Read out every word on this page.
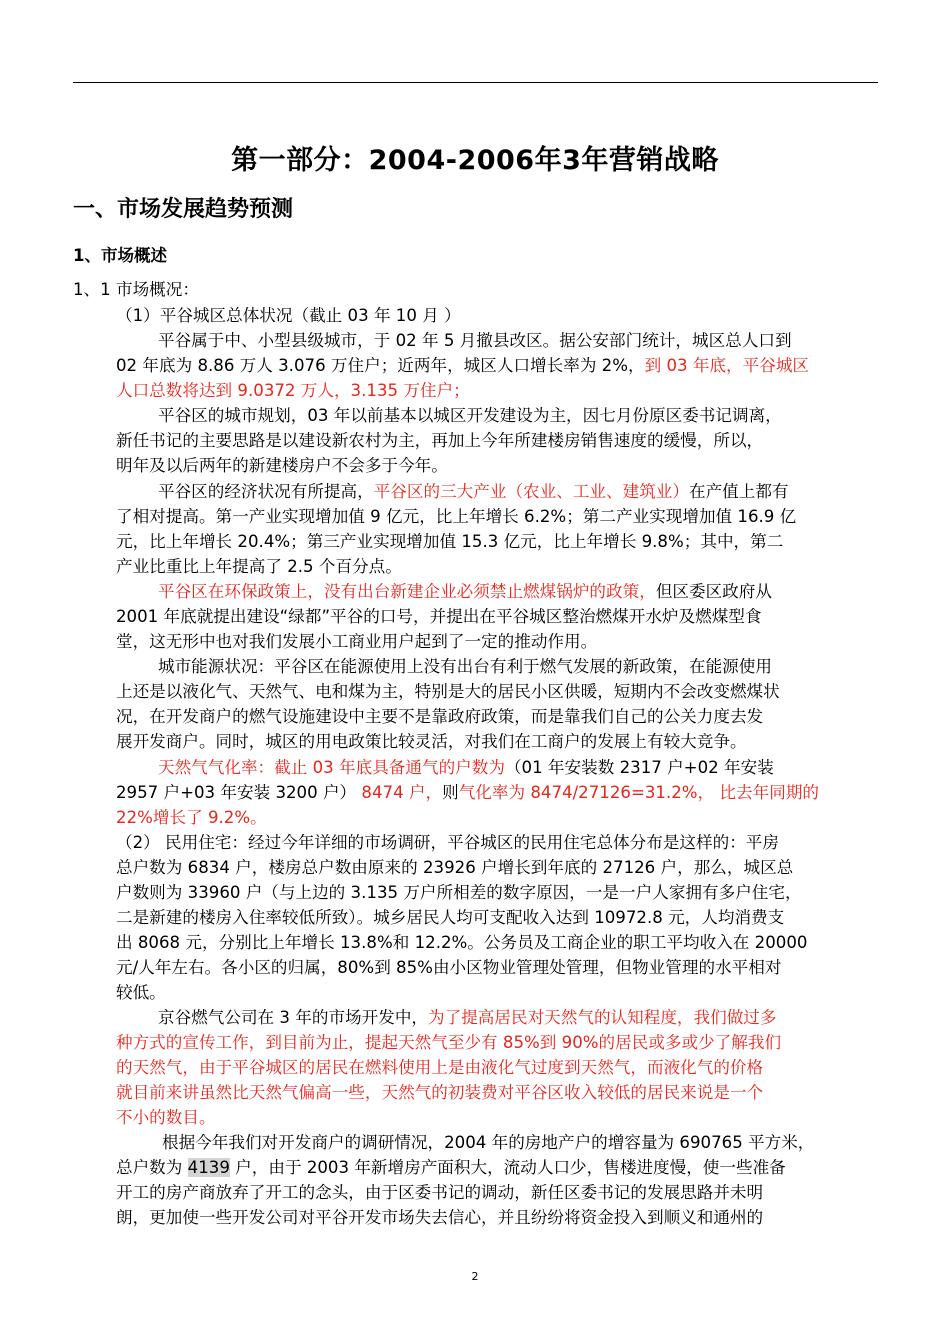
第一部分：2004-2006年3年营销战略
一、市场发展趋势预测
1、市场概述
1、1 市场概况：
（1）平谷城区总体状况（截止 03 年 10 月 ）
平谷属于中、小型县级城市，于 02 年 5 月撤县改区。据公安部门统计，城区总人口到
02 年底为 8.86 万人 3.076 万住户；近两年，城区人口增长率为 2%，到 03 年底，平谷城区
人口总数将达到 9.0372 万人，3.135 万住户；
平谷区的城市规划，03 年以前基本以城区开发建设为主，因七月份原区委书记调离，
新任书记的主要思路是以建设新农村为主，再加上今年所建楼房销售速度的缓慢，所以，
明年及以后两年的新建楼房户不会多于今年。
平谷区的经济状况有所提高，平谷区的三大产业（农业、工业、建筑业）在产值上都有
了相对提高。第一产业实现增加值 9 亿元，比上年增长 6.2%；第二产业实现增加值 16.9 亿
元，比上年增长 20.4%；第三产业实现增加值 15.3 亿元，比上年增长 9.8%；其中，第二
产业比重比上年提高了 2.5 个百分点。
平谷区在环保政策上，没有出台新建企业必须禁止燃煤锅炉的政策，但区委区政府从
2001 年底就提出建设“绿都”平谷的口号，并提出在平谷城区整治燃煤开水炉及燃煤型食
堂，这无形中也对我们发展小工商业用户起到了一定的推动作用。
城市能源状况：平谷区在能源使用上没有出台有利于燃气发展的新政策，在能源使用
上还是以液化气、天然气、电和煤为主，特别是大的居民小区供暖，短期内不会改变燃煤状
况，在开发商户的燃气设施建设中主要不是靠政府政策，而是靠我们自己的公关力度去发
展开发商户。同时，城区的用电政策比较灵活，对我们在工商户的发展上有较大竞争。
天然气气化率：截止 03 年底具备通气的户数为（01 年安装数 2317 户+02 年安装
2957 户+03 年安装 3200 户） 8474 户，则气化率为 8474/27126=31.2%， 比去年同期的
22%增长了 9.2%。
（2） 民用住宅：经过今年详细的市场调研，平谷城区的民用住宅总体分布是这样的：平房
总户数为 6834 户，楼房总户数由原来的 23926 户增长到年底的 27126 户，那么，城区总
户数则为 33960 户（与上边的 3.135 万户所相差的数字原因，一是一户人家拥有多户住宅，
二是新建的楼房入住率较低所致）。城乡居民人均可支配收入达到 10972.8 元，人均消费支
出 8068 元，分别比上年增长 13.8%和 12.2%。公务员及工商企业的职工平均收入在 20000
元/人年左右。各小区的归属，80%到 85%由小区物业管理处管理，但物业管理的水平相对
较低。
京谷燃气公司在 3 年的市场开发中，为了提高居民对天然气的认知程度，我们做过多
种方式的宣传工作，到目前为止，提起天然气至少有 85%到 90%的居民或多或少了解我们
的天然气，由于平谷城区的居民在燃料使用上是由液化气过度到天然气，而液化气的价格
就目前来讲虽然比天然气偏高一些，天然气的初装费对平谷区收入较低的居民来说是一个
不小的数目。
根据今年我们对开发商户的调研情况，2004 年的房地产户的增容量为 690765 平方米，
总户数为 4139 户，由于 2003 年新增房产面积大，流动人口少，售楼进度慢，使一些准备
开工的房产商放弃了开工的念头，由于区委书记的调动，新任区委书记的发展思路并未明
朗，更加使一些开发公司对平谷开发市场失去信心，并且纷纷将资金投入到顺义和通州的
2
